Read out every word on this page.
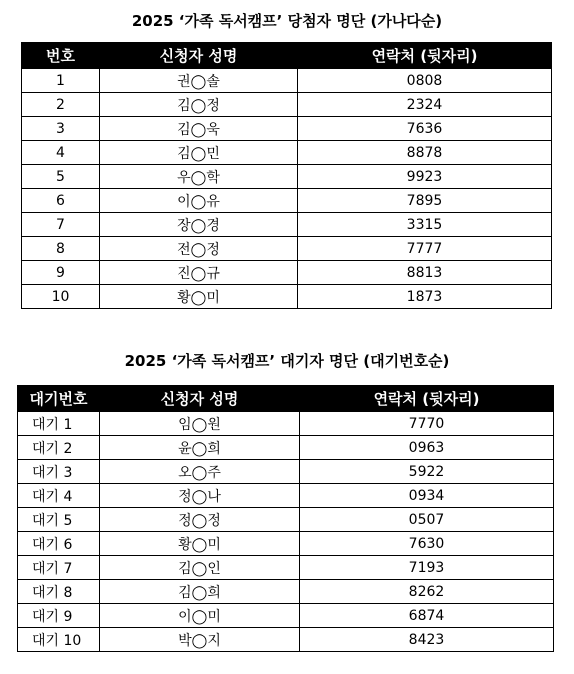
2025 ‘가족 독서캠프’ 당첨자 명단 (가나다순)
번호	신청자 성명	연락처 (뒷자리)
1	권◯솔	0808
2	김◯정	2324
3	김◯욱	7636
4	김◯민	8878
5	우◯학	9923
6	이◯유	7895
7	장◯경	3315
8	전◯정	7777
9	진◯규	8813
10	황◯미	1873
2025 ‘가족 독서캠프’ 대기자 명단 (대기번호순)
대기번호	신청자 성명	연락처 (뒷자리)
대기 1	임◯원	7770
대기 2	윤◯희	0963
대기 3	오◯주	5922
대기 4	정◯나	0934
대기 5	정◯정	0507
대기 6	황◯미	7630
대기 7	김◯인	7193
대기 8	김◯희	8262
대기 9	이◯미	6874
대기 10	박◯지	8423
